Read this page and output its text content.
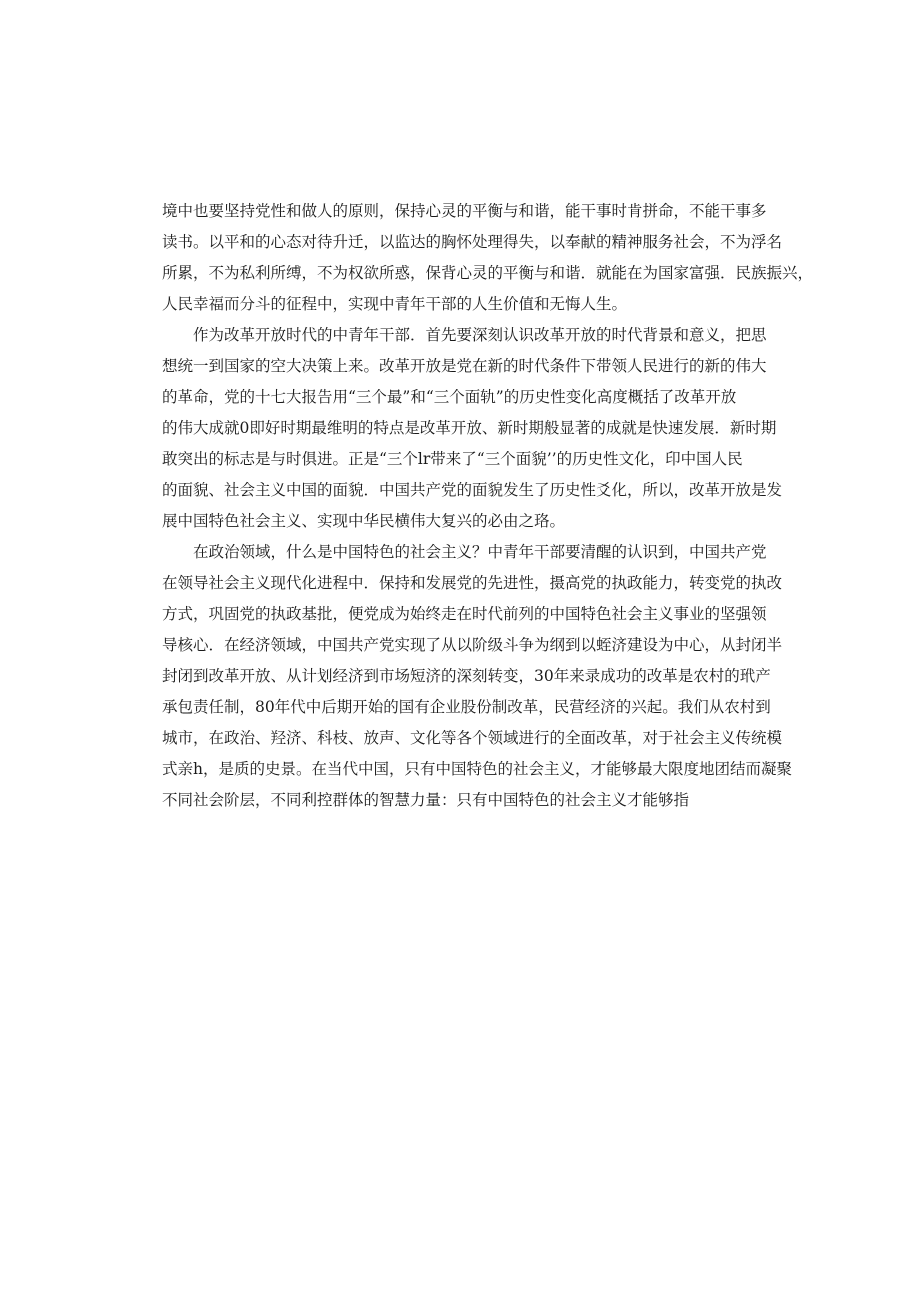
境中也要坚持党性和做人的原则，保持心灵的平衡与和谐，能干事时肯拼命，不能干事多
读书。以平和的心态对待升迁，以监达的胸怀处理得失，以奉献的精神服务社会，不为浮名
所累，不为私利所缚，不为权欲所惑，保背心灵的平衡与和谐．就能在为国家富强．民族振兴，
人民幸福而分斗的征程中，实现中青年干部的人生价值和无悔人生。
作为改革开放时代的中青年干部．首先要深刻认识改革开放的时代背景和意义，把思
想统一到国家的空大决策上来。改革开放是党在新的时代条件下带领人民进行的新的伟大
的革命，党的十七大报告用“三个最”和“三个面轨”的历史性变化高度概括了改革开放
的伟大成就0即好时期最维明的特点是改革开放、新时期般显著的成就是快速发展．新时期
敢突出的标志是与时俱进。正是“三个lr带来了“三个面貌’’的历史性文化，印中国人民
的面貌、社会主义中国的面貌．中国共产党的面貌发生了历史性爻化，所以，改革开放是发
展中国特色社会主义、实现中华民横伟大复兴的必由之珞。
在政治领域，什么是中国特色的社会主义？中青年干部要清醒的认识到，中国共产党
在领导社会主义现代化进程中．保持和发展党的先进性，摄高党的执政能力，转变党的执改
方式，巩固党的执政基批，便党成为始终走在时代前列的中国特色社会主义事业的坚强领
导核心．在经济领域，中国共产党实现了从以阶级斗争为纲到以蛭济建设为中心，从封闭半
封闭到改革开放、从计划经济到市场短济的深刻转变，30年来录成功的改革是农村的玳产
承包责任制，80年代中后期开始的国有企业股份制改革，民营经济的兴起。我们从农村到
城市，在政治、羟济、科枝、放声、文化等各个领域进行的全面改革，对于社会主义传统模
式亲h，是质的史景。在当代中国，只有中国特色的社会主义，才能够最大限度地团结而凝聚
不同社会阶层，不同利控群体的智慧力量：只有中国特色的社会主义才能够指
